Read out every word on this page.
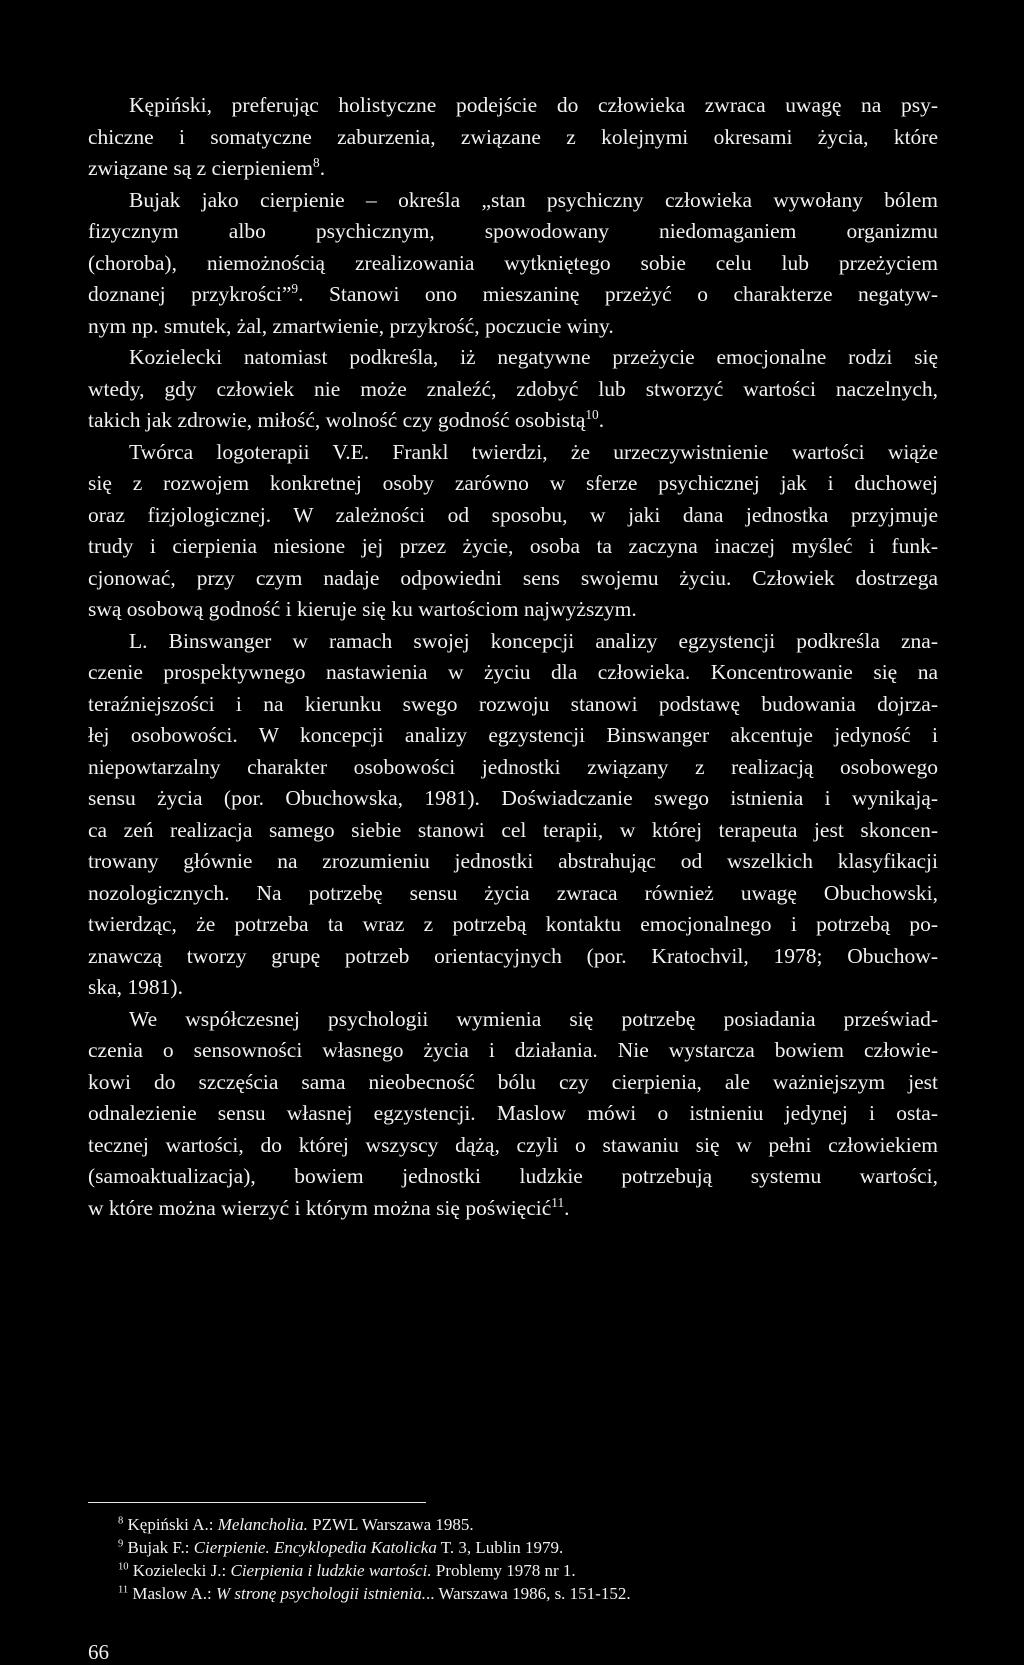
Kępiński, preferując holistyczne podejście do człowieka zwraca uwagę na psy-
chiczne i somatyczne zaburzenia, związane z kolejnymi okresami życia, które
związane są z cierpieniem$^8$.
Bujak jako cierpienie – określa „stan psychiczny człowieka wywołany bólem
fizycznym albo psychicznym, spowodowany niedomaganiem organizmu
(choroba), niemożnością zrealizowania wytkniętego sobie celu lub przeżyciem
doznanej przykrości”$^9$. Stanowi ono mieszaninę przeżyć o charakterze negatyw-
nym np. smutek, żal, zmartwienie, przykrość, poczucie winy.
Kozielecki natomiast podkreśla, iż negatywne przeżycie emocjonalne rodzi się
wtedy, gdy człowiek nie może znaleźć, zdobyć lub stworzyć wartości naczelnych,
takich jak zdrowie, miłość, wolność czy godność osobistą$^{10}$.
Twórca logoterapii V.E. Frankl twierdzi, że urzeczywistnienie wartości wiąże
się z rozwojem konkretnej osoby zarówno w sferze psychicznej jak i duchowej
oraz fizjologicznej. W zależności od sposobu, w jaki dana jednostka przyjmuje
trudy i cierpienia niesione jej przez życie, osoba ta zaczyna inaczej myśleć i funk-
cjonować, przy czym nadaje odpowiedni sens swojemu życiu. Człowiek dostrzega
swą osobową godność i kieruje się ku wartościom najwyższym.
L. Binswanger w ramach swojej koncepcji analizy egzystencji podkreśla zna-
czenie prospektywnego nastawienia w życiu dla człowieka. Koncentrowanie się na
teraźniejszości i na kierunku swego rozwoju stanowi podstawę budowania dojrza-
łej osobowości. W koncepcji analizy egzystencji Binswanger akcentuje jedyność i
niepowtarzalny charakter osobowości jednostki związany z realizacją osobowego
sensu życia (por. Obuchowska, 1981). Doświadczanie swego istnienia i wynikają-
ca zeń realizacja samego siebie stanowi cel terapii, w której terapeuta jest skoncen-
trowany głównie na zrozumieniu jednostki abstrahując od wszelkich klasyfikacji
nozologicznych. Na potrzebę sensu życia zwraca również uwagę Obuchowski,
twierdząc, że potrzeba ta wraz z potrzebą kontaktu emocjonalnego i potrzebą po-
znawczą tworzy grupę potrzeb orientacyjnych (por. Kratochvil, 1978; Obuchow-
ska, 1981).
We współczesnej psychologii wymienia się potrzebę posiadania przeświad-
czenia o sensowności własnego życia i działania. Nie wystarcza bowiem człowie-
kowi do szczęścia sama nieobecność bólu czy cierpienia, ale ważniejszym jest
odnalezienie sensu własnej egzystencji. Maslow mówi o istnieniu jedynej i osta-
tecznej wartości, do której wszyscy dążą, czyli o stawaniu się w pełni człowiekiem
(samoaktualizacja), bowiem jednostki ludzkie potrzebują systemu wartości,
w które można wierzyć i którym można się poświęcić$^{11}$.
$^8$ Kępiński A.: Melancholia. PZWL Warszawa 1985.
$^9$ Bujak F.: Cierpienie. Encyklopedia Katolicka T. 3, Lublin 1979.
$^{10}$ Kozielecki J.: Cierpienia i ludzkie wartości. Problemy 1978 nr 1.
$^{11}$ Maslow A.: W stronę psychologii istnienia... Warszawa 1986, s. 151-152.
66
